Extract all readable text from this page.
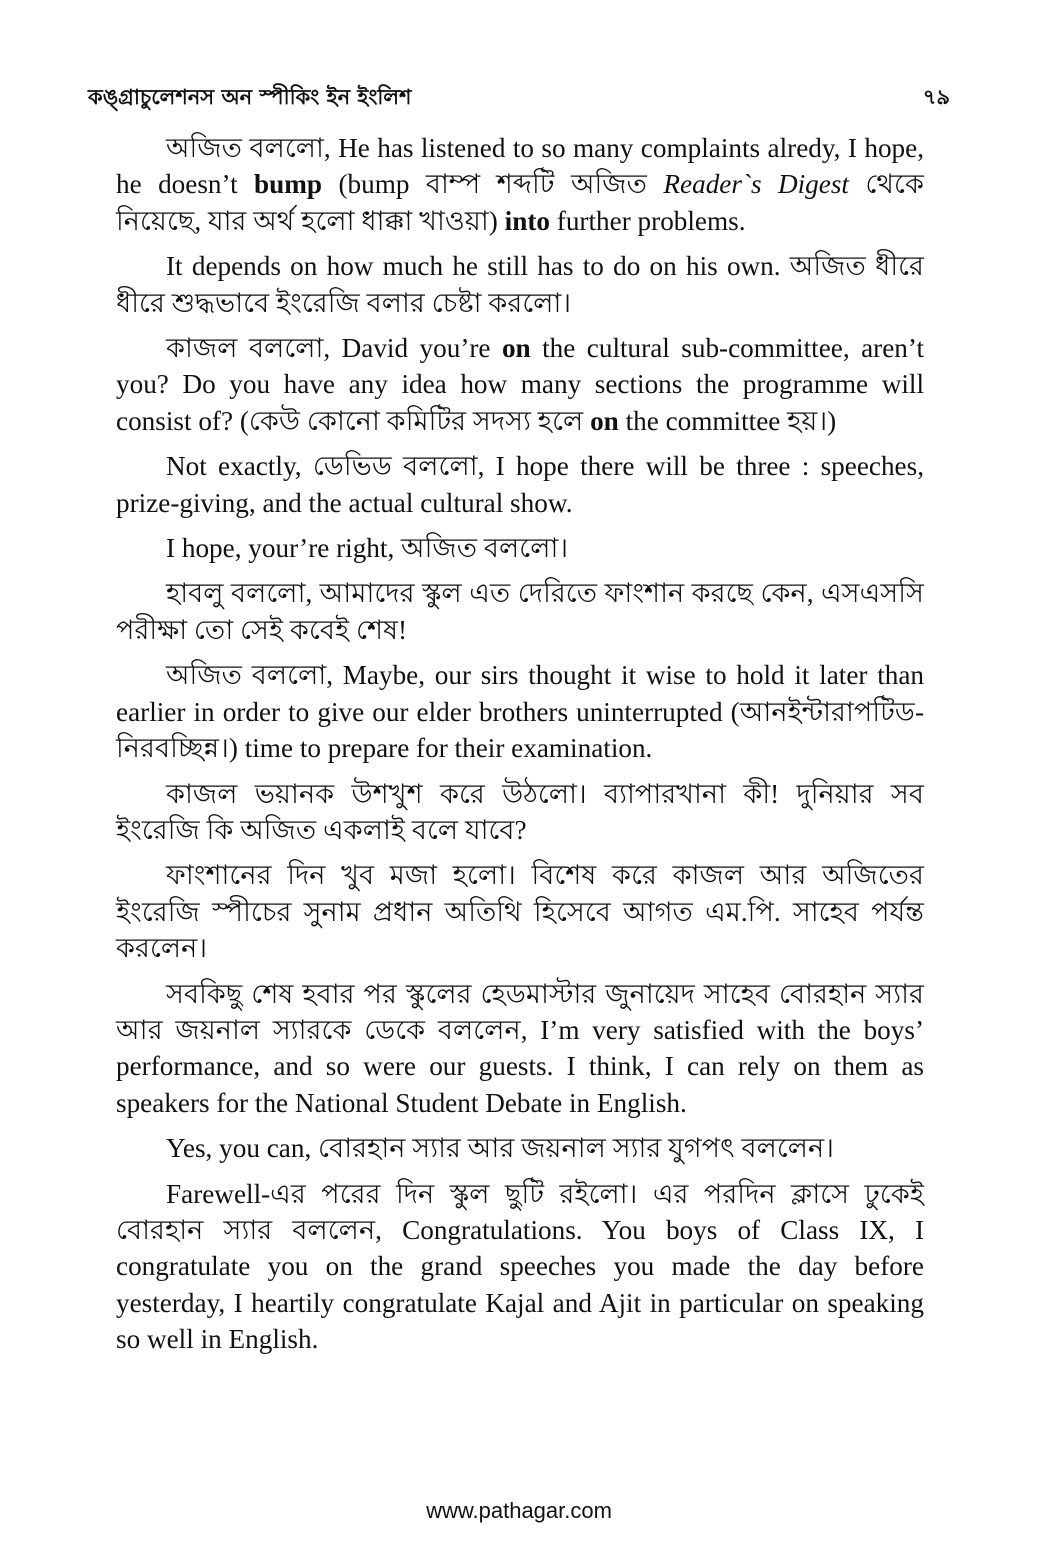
কঙ্গ্রাচুলেশনস অন স্পীকিং ইন ইংলিশ	৭৯

অজিত বললো, He has listened to so many complaints alredy, I hope, he doesn’t bump (bump বাম্প শব্দটি অজিত Reader`s Digest থেকে নিয়েছে, যার অর্থ হলো ধাক্কা খাওয়া) into further problems.

It depends on how much he still has to do on his own. অজিত ধীরে ধীরে শুদ্ধভাবে ইংরেজি বলার চেষ্টা করলো।

কাজল বললো, David you’re on the cultural sub-committee, aren’t you? Do you have any idea how many sections the programme will consist of? (কেউ কোনো কমিটির সদস্য হলে on the committee হয়।)

Not exactly, ডেভিড বললো, I hope there will be three : speeches, prize-giving, and the actual cultural show.

I hope, your’re right, অজিত বললো।

হাবলু বললো, আমাদের স্কুল এত দেরিতে ফাংশান করছে কেন, এসএসসি পরীক্ষা তো সেই কবেই শেষ!

অজিত বললো, Maybe, our sirs thought it wise to hold it later than earlier in order to give our elder brothers uninterrupted (আনইন্টারাপটিড-নিরবচ্ছিন্ন।) time to prepare for their examination.

কাজল ভয়ানক উশখুশ করে উঠলো। ব্যাপারখানা কী! দুনিয়ার সব ইংরেজি কি অজিত একলাই বলে যাবে?

ফাংশানের দিন খুব মজা হলো। বিশেষ করে কাজল আর অজিতের ইংরেজি স্পীচের সুনাম প্রধান অতিথি হিসেবে আগত এম.পি. সাহেব পর্যন্ত করলেন।

সবকিছু শেষ হবার পর স্কুলের হেডমাস্টার জুনায়েদ সাহেব বোরহান স্যার আর জয়নাল স্যারকে ডেকে বললেন, I’m very satisfied with the boys’ performance, and so were our guests. I think, I can rely on them as speakers for the National Student Debate in English.

Yes, you can, বোরহান স্যার আর জয়নাল স্যার যুগপৎ বললেন।

Farewell-এর পরের দিন স্কুল ছুটি রইলো। এর পরদিন ক্লাসে ঢুকেই বোরহান স্যার বললেন, Congratulations. You boys of Class IX, I congratulate you on the grand speeches you made the day before yesterday, I heartily congratulate Kajal and Ajit in particular on speaking so well in English.

www.pathagar.com
